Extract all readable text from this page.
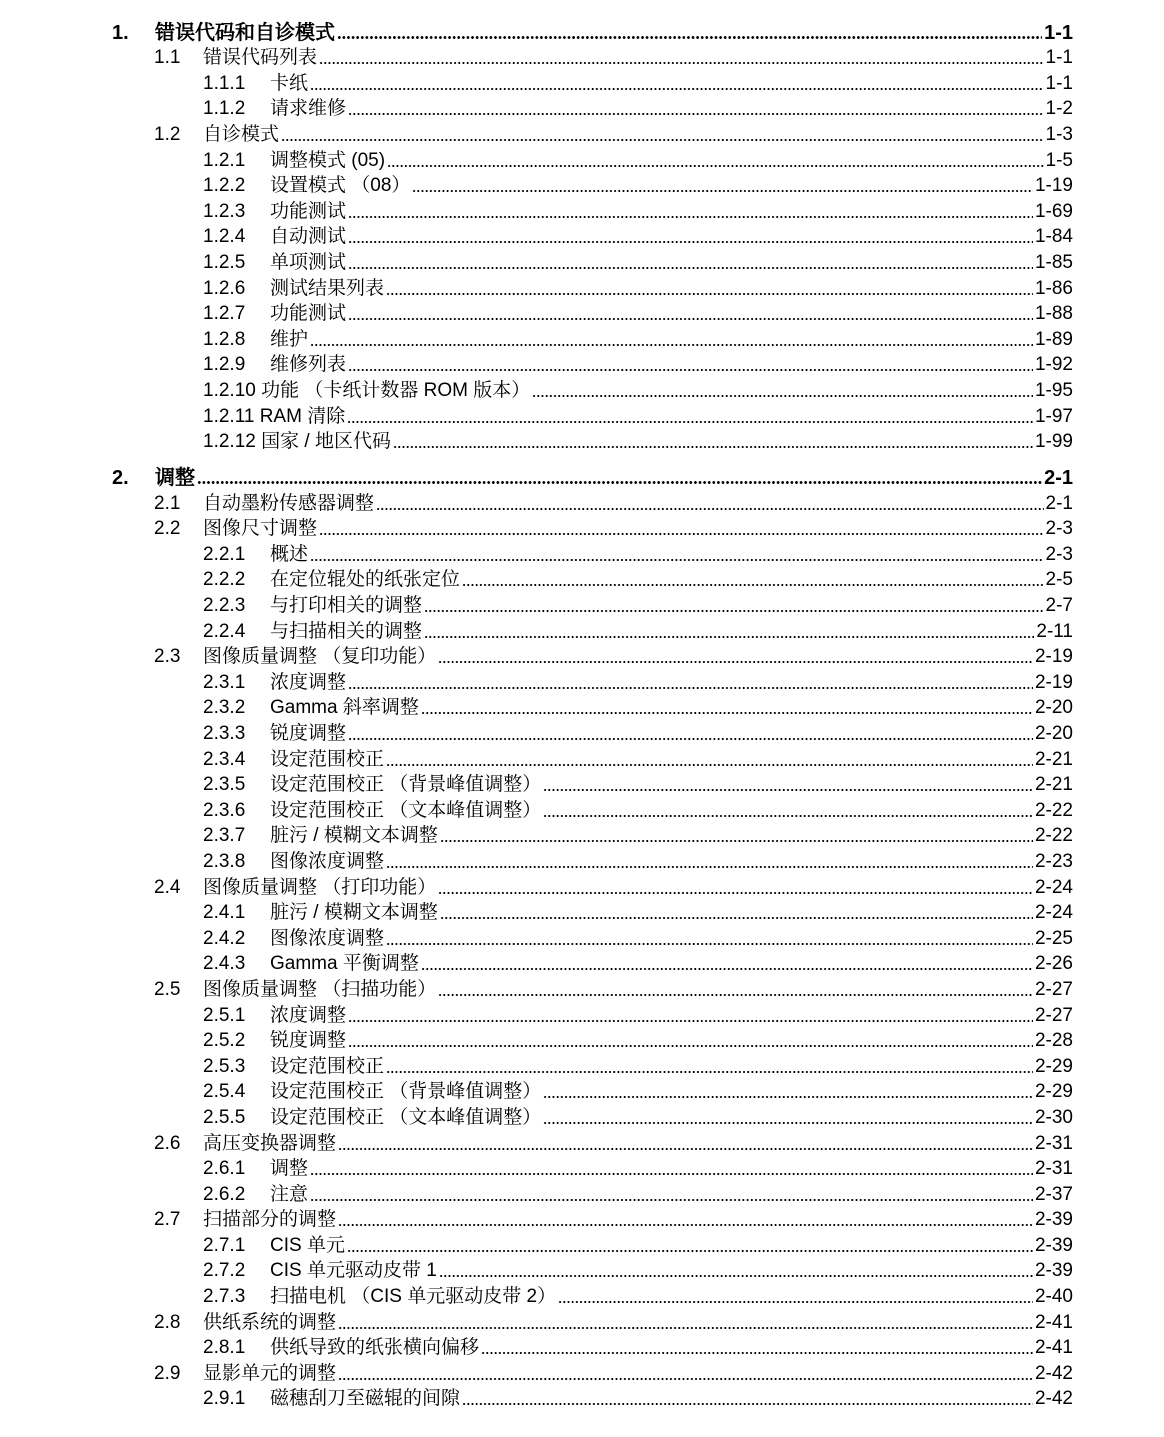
1. 错误代码和自诊模式	1-1
1.1 错误代码列表	1-1
1.1.1 卡纸	1-1
1.1.2 请求维修	1-2
1.2 自诊模式	1-3
1.2.1 调整模式 (05)	1-5
1.2.2 设置模式 （08）	1-19
1.2.3 功能测试	1-69
1.2.4 自动测试	1-84
1.2.5 单项测试	1-85
1.2.6 测试结果列表	1-86
1.2.7 功能测试	1-88
1.2.8 维护	1-89
1.2.9 维修列表	1-92
1.2.10 功能 （卡纸计数器 ROM 版本）	1-95
1.2.11 RAM 清除	1-97
1.2.12 国家 / 地区代码	1-99
2. 调整	2-1
2.1 自动墨粉传感器调整	2-1
2.2 图像尺寸调整	2-3
2.2.1 概述	2-3
2.2.2 在定位辊处的纸张定位	2-5
2.2.3 与打印相关的调整	2-7
2.2.4 与扫描相关的调整	2-11
2.3 图像质量调整 （复印功能）	2-19
2.3.1 浓度调整	2-19
2.3.2 Gamma 斜率调整	2-20
2.3.3 锐度调整	2-20
2.3.4 设定范围校正	2-21
2.3.5 设定范围校正 （背景峰值调整）	2-21
2.3.6 设定范围校正 （文本峰值调整）	2-22
2.3.7 脏污 / 模糊文本调整	2-22
2.3.8 图像浓度调整	2-23
2.4 图像质量调整 （打印功能）	2-24
2.4.1 脏污 / 模糊文本调整	2-24
2.4.2 图像浓度调整	2-25
2.4.3 Gamma 平衡调整	2-26
2.5 图像质量调整 （扫描功能）	2-27
2.5.1 浓度调整	2-27
2.5.2 锐度调整	2-28
2.5.3 设定范围校正	2-29
2.5.4 设定范围校正 （背景峰值调整）	2-29
2.5.5 设定范围校正 （文本峰值调整）	2-30
2.6 高压变换器调整	2-31
2.6.1 调整	2-31
2.6.2 注意	2-37
2.7 扫描部分的调整	2-39
2.7.1 CIS 单元	2-39
2.7.2 CIS 单元驱动皮带 1	2-39
2.7.3 扫描电机 （CIS 单元驱动皮带 2）	2-40
2.8 供纸系统的调整	2-41
2.8.1 供纸导致的纸张横向偏移	2-41
2.9 显影单元的调整	2-42
2.9.1 磁穗刮刀至磁辊的间隙	2-42
